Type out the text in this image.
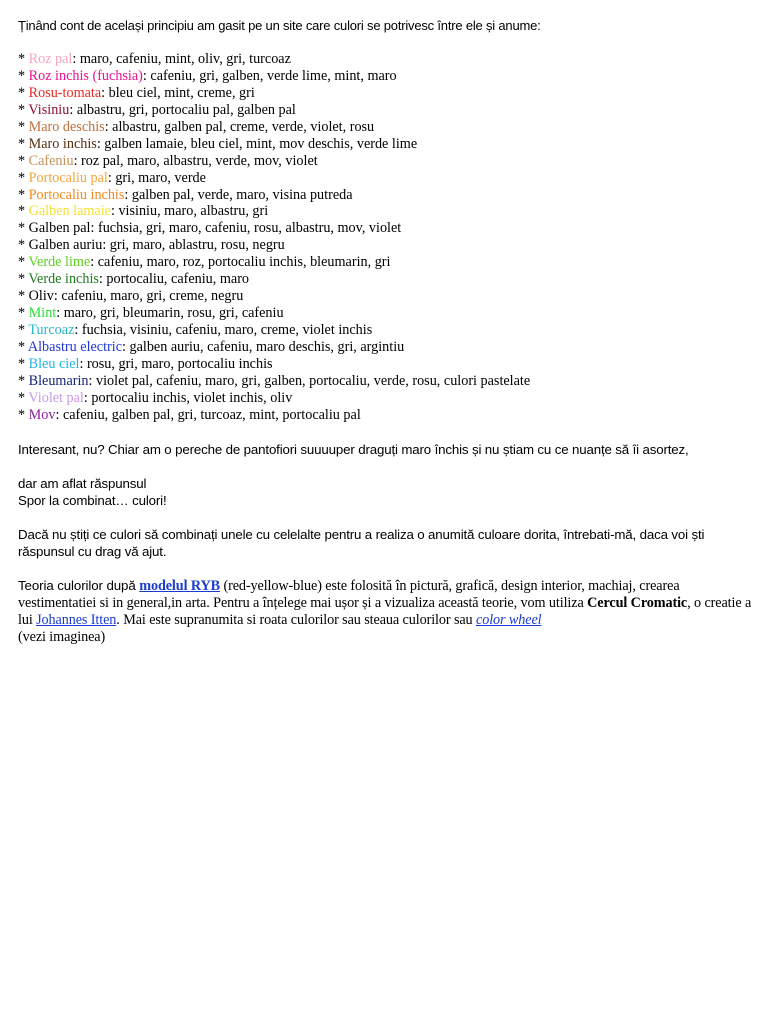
Ținând cont de același principiu am gasit pe un site care culori se potrivesc între ele și anume:
* Roz pal: maro, cafeniu, mint, oliv, gri, turcoaz
* Roz inchis (fuchsia): cafeniu, gri, galben, verde lime, mint, maro
* Rosu-tomata: bleu ciel, mint, creme, gri
* Visiniu: albastru, gri, portocaliu pal, galben pal
* Maro deschis: albastru, galben pal, creme, verde, violet, rosu
* Maro inchis: galben lamaie, bleu ciel, mint, mov deschis, verde lime
* Cafeniu: roz pal, maro, albastru, verde, mov, violet
* Portocaliu pal: gri, maro, verde
* Portocaliu inchis: galben pal, verde, maro, visina putreda
* Galben lamaie: visiniu, maro, albastru, gri
* Galben pal: fuchsia, gri, maro, cafeniu, rosu, albastru, mov, violet
* Galben auriu: gri, maro, ablastru, rosu, negru
* Verde lime: cafeniu, maro, roz, portocaliu inchis, bleumarin, gri
* Verde inchis: portocaliu, cafeniu, maro
* Oliv: cafeniu, maro, gri, creme, negru
* Mint: maro, gri, bleumarin, rosu, gri, cafeniu
* Turcoaz: fuchsia, visiniu, cafeniu, maro, creme, violet inchis
* Albastru electric: galben auriu, cafeniu, maro deschis, gri, argintiu
* Bleu ciel: rosu, gri, maro, portocaliu inchis
* Bleumarin: violet pal, cafeniu, maro, gri, galben, portocaliu, verde, rosu, culori pastelate
* Violet pal: portocaliu inchis, violet inchis, oliv
* Mov: cafeniu, galben pal, gri, turcoaz, mint, portocaliu pal
Interesant, nu? Chiar am o pereche de pantofiori suuuuper draguți maro închis și nu știam cu ce nuanțe să îi asortez,
dar am aflat răspunsul
Spor la combinat… culori!
Dacă nu știți ce culori să combinați unele cu celelalte pentru a realiza o anumită culoare dorita, întrebati-mă, daca voi ști răspunsul cu drag vă ajut.
Teoria culorilor după modelul RYB (red-yellow-blue) este folosită în pictură, grafică, design interior, machiaj, crearea vestimentatiei si in general,in arta. Pentru a înțelege mai ușor și a vizualiza această teorie, vom utiliza Cercul Cromatic, o creatie a lui Johannes Itten. Mai este supranumita si roata culorilor sau steaua culorilor sau color wheel
(vezi imaginea)
